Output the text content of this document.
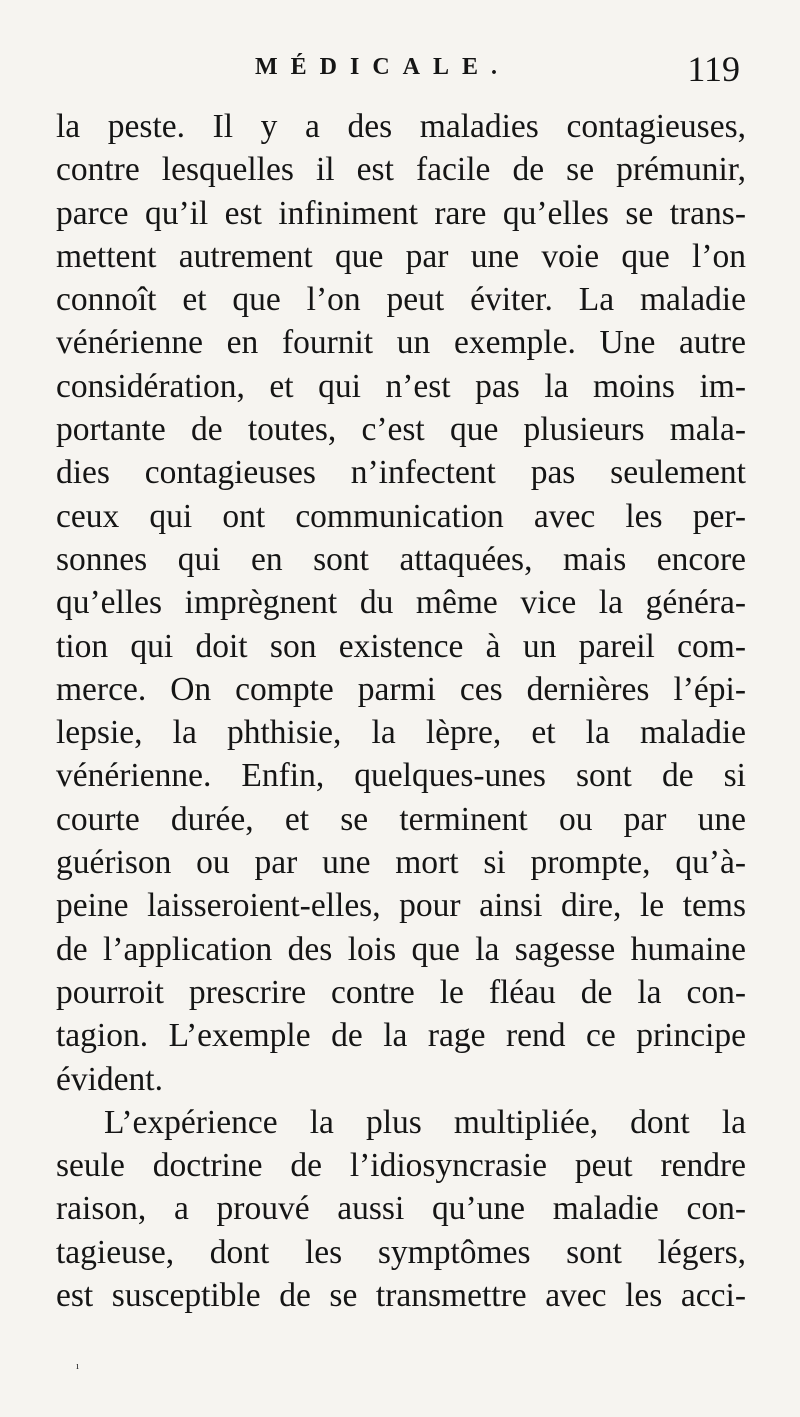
MÉDICALE.	119
la peste. Il y a des maladies contagieuses,
contre lesquelles il est facile de se prémunir,
parce qu’il est infiniment rare qu’elles se trans-
mettent autrement que par une voie que l’on
connoît et que l’on peut éviter. La maladie
vénérienne en fournit un exemple. Une autre
considération, et qui n’est pas la moins im-
portante de toutes, c’est que plusieurs mala-
dies contagieuses n’infectent pas seulement
ceux qui ont communication avec les per-
sonnes qui en sont attaquées, mais encore
qu’elles imprègnent du même vice la généra-
tion qui doit son existence à un pareil com-
merce. On compte parmi ces dernières l’épi-
lepsie, la phthisie, la lèpre, et la maladie
vénérienne. Enfin, quelques-unes sont de si
courte durée, et se terminent ou par une
guérison ou par une mort si prompte, qu’à-
peine laisseroient-elles, pour ainsi dire, le tems
de l’application des lois que la sagesse humaine
pourroit prescrire contre le fléau de la con-
tagion. L’exemple de la rage rend ce principe
évident.
L’expérience la plus multipliée, dont la
seule doctrine de l’idiosyncrasie peut rendre
raison, a prouvé aussi qu’une maladie con-
tagieuse, dont les symptômes sont légers,
est susceptible de se transmettre avec les acci-
ı
